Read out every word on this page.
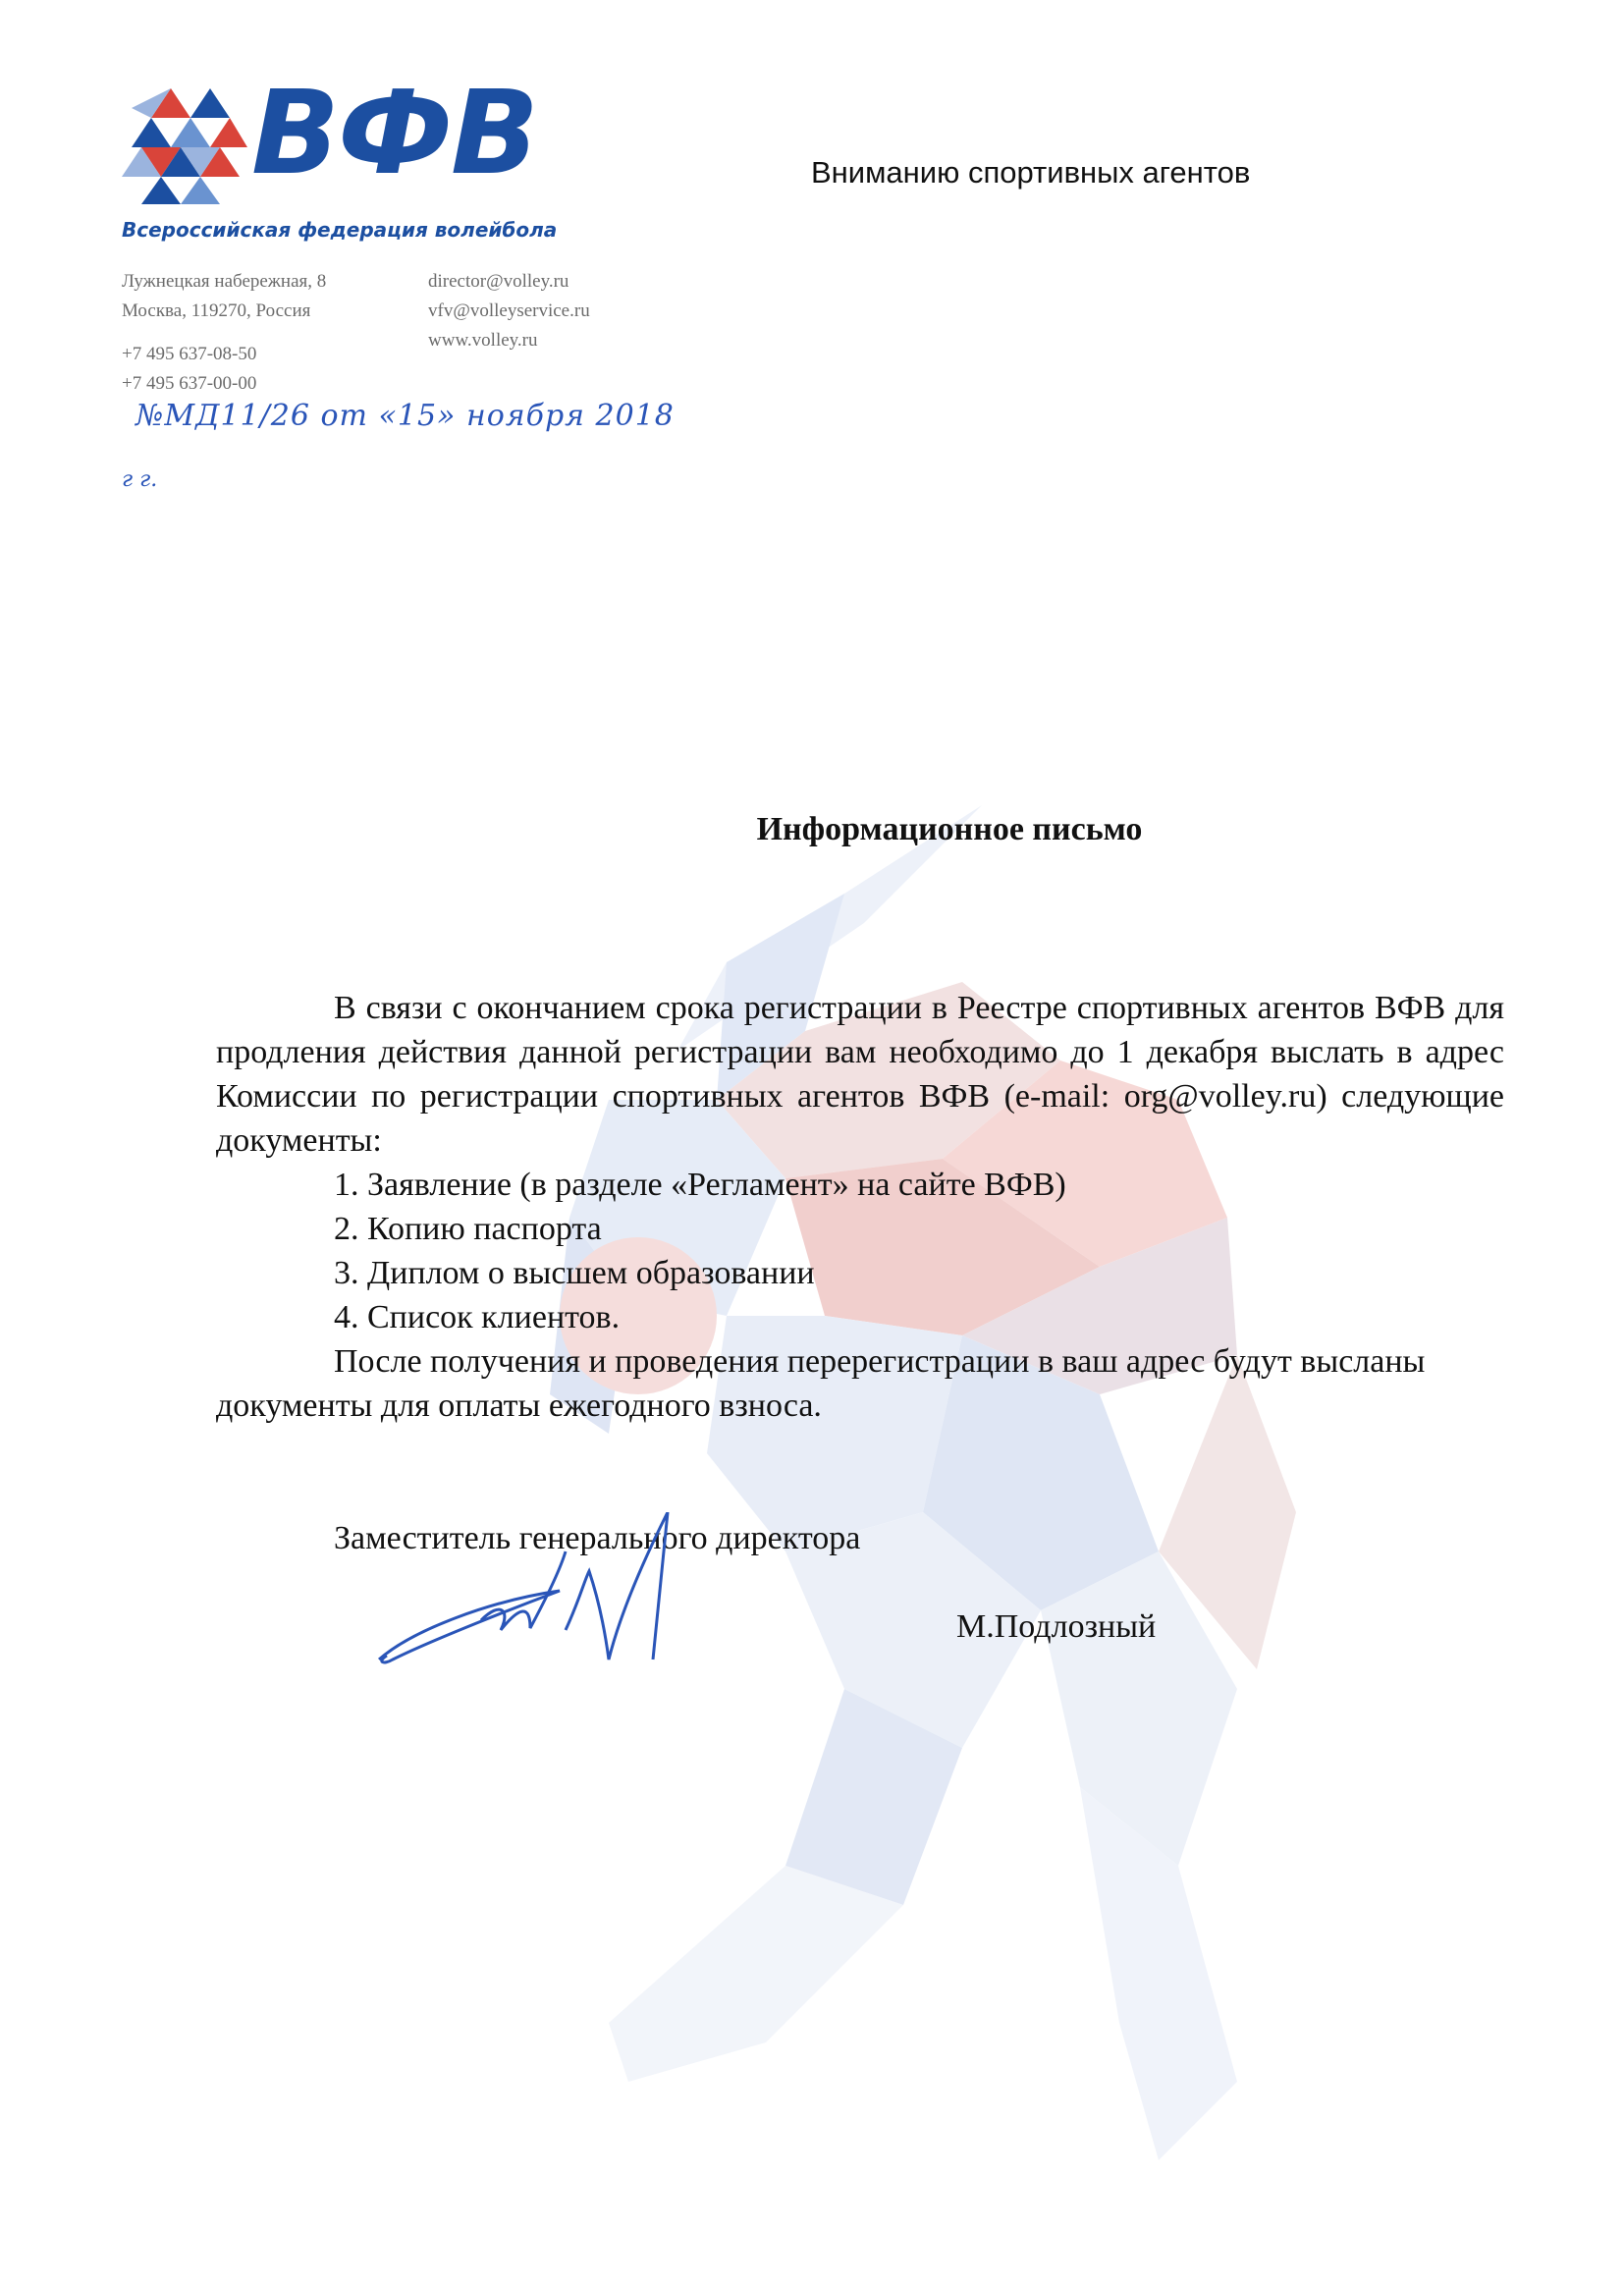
ВФВ
Всероссийская федерация волейбола
Вниманию спортивных агентов
Лужнецкая набережная, 8
Москва, 119270, Россия
+7 495 637-08-50
+7 495 637-00-00
director@volley.ru
vfv@volleyservice.ru
www.volley.ru
№МД11/26 от «15» ноября 2018
г г.
Информационное письмо

В связи с окончанием срока регистрации в Реестре спортивных агентов ВФВ для продления действия данной регистрации вам необходимо до 1 декабря выслать в адрес Комиссии по регистрации спортивных агентов ВФВ (e-mail: org@volley.ru) следующие документы:

1. Заявление (в разделе «Регламент» на сайте ВФВ)
2. Копию паспорта
3. Диплом о высшем образовании
4. Список клиентов.

После получения и проведения перерегистрации в ваш адрес будут высланы документы для оплаты ежегодного взноса.

Заместитель генерального директора
М.Подлозный
